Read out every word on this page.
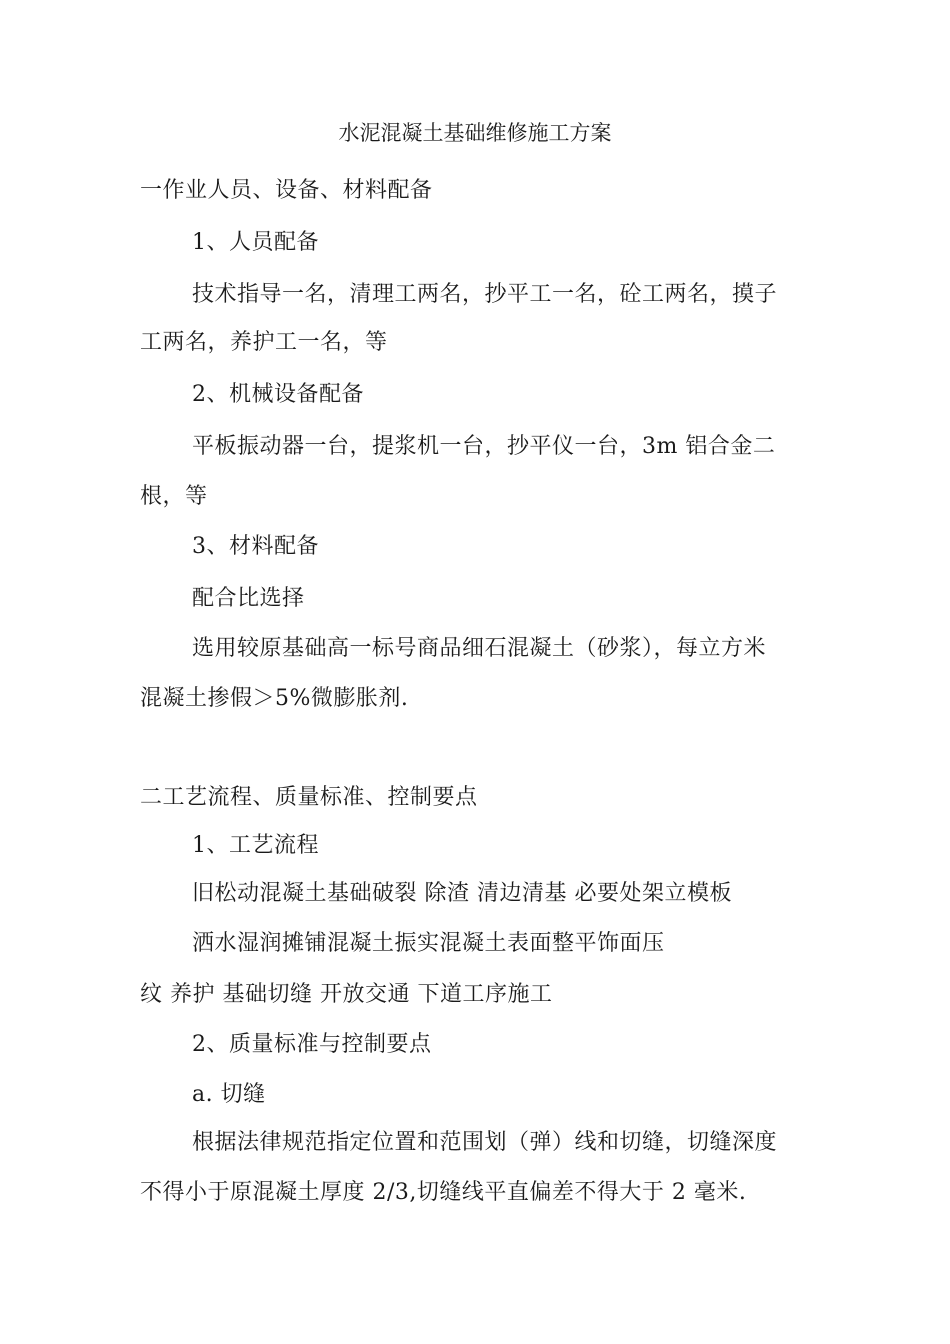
水泥混凝土基础维修施工方案
一作业人员、设备、材料配备
1、人员配备
技术指导一名，清理工两名，抄平工一名，砼工两名，摸子
工两名，养护工一名，等
2、机械设备配备
平板振动器一台，提浆机一台，抄平仪一台，3m 铝合金二
根，等
3、材料配备
配合比选择
选用较原基础高一标号商品细石混凝土（砂浆），每立方米
混凝土掺假＞5%微膨胀剂.
二工艺流程、质量标准、控制要点
1、工艺流程
旧松动混凝土基础破裂 除渣 清边清基 必要处架立模板
洒水湿润摊铺混凝土振实混凝土表面整平饰面压
纹 养护 基础切缝 开放交通 下道工序施工
2、质量标准与控制要点
a. 切缝
根据法律规范指定位置和范围划（弹）线和切缝，切缝深度
不得小于原混凝土厚度 2/3,切缝线平直偏差不得大于 2 毫米.
